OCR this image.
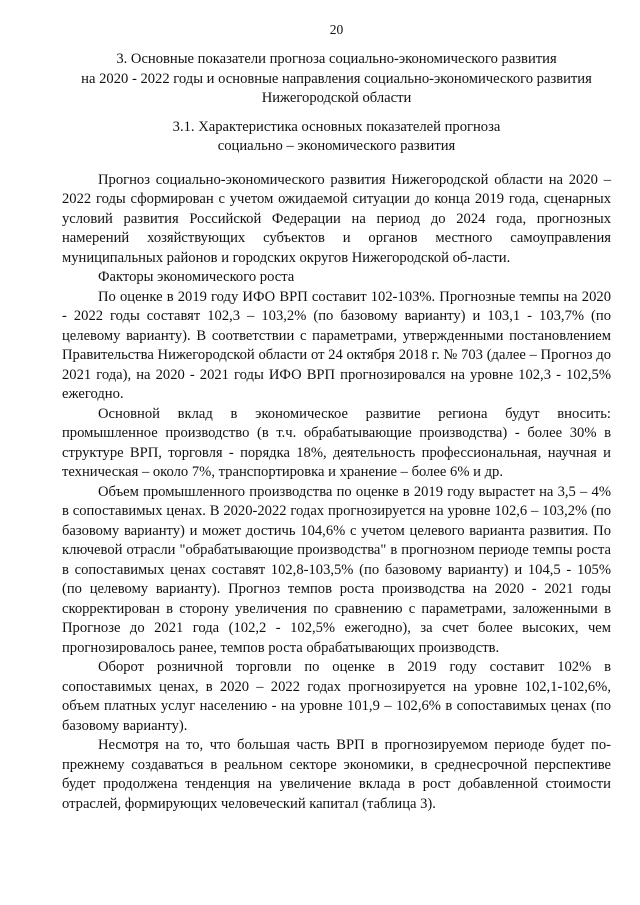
20
3. Основные показатели прогноза социально-экономического развития
на 2020 - 2022 годы и основные направления социально-экономического развития
Нижегородской области
3.1. Характеристика основных показателей прогноза
социально – экономического развития

Прогноз социально-экономического развития Нижегородской области на 2020 – 2022 годы сформирован с учетом ожидаемой ситуации до конца 2019 года, сценарных условий развития Российской Федерации на период до 2024 года, прогнозных намерений хозяйствующих субъектов и органов местного самоуправления муниципальных районов и городских округов Нижегородской об-ласти.

Факторы экономического роста

По оценке в 2019 году ИФО ВРП составит 102-103%. Прогнозные темпы на 2020 - 2022 годы составят 102,3 – 103,2% (по базовому варианту) и 103,1 - 103,7% (по целевому варианту). В соответствии с параметрами, утвержденными постановлением Правительства Нижегородской области от 24 октября 2018 г. № 703 (далее – Прогноз до 2021 года), на 2020 - 2021 годы ИФО ВРП прогнозировался на уровне 102,3 - 102,5% ежегодно.

Основной вклад в экономическое развитие региона будут вносить: промышленное производство (в т.ч. обрабатывающие производства) - более 30% в структуре ВРП, торговля - порядка 18%, деятельность профессиональная, научная и техническая – около 7%, транспортировка и хранение – более 6% и др.

Объем промышленного производства по оценке в 2019 году вырастет на 3,5 – 4% в сопоставимых ценах. В 2020-2022 годах прогнозируется на уровне 102,6 – 103,2% (по базовому варианту) и может достичь 104,6% с учетом целевого варианта развития. По ключевой отрасли "обрабатывающие производства" в прогнозном периоде темпы роста в сопоставимых ценах составят 102,8-103,5% (по базовому варианту) и 104,5 - 105% (по целевому варианту). Прогноз темпов роста производства на 2020 - 2021 годы скорректирован в сторону увеличения по сравнению с параметрами, заложенными в Прогнозе до 2021 года (102,2 - 102,5% ежегодно), за счет более высоких, чем прогнозировалось ранее, темпов роста обрабатывающих производств.

Оборот розничной торговли по оценке в 2019 году составит 102% в сопоставимых ценах, в 2020 – 2022 годах прогнозируется на уровне 102,1-102,6%, объем платных услуг населению - на уровне 101,9 – 102,6% в сопоставимых ценах (по базовому варианту).

Несмотря на то, что большая часть ВРП в прогнозируемом периоде будет по-прежнему создаваться в реальном секторе экономики, в среднесрочной перспективе будет продолжена тенденция на увеличение вклада в рост добавленной стоимости отраслей, формирующих человеческий капитал (таблица 3).
